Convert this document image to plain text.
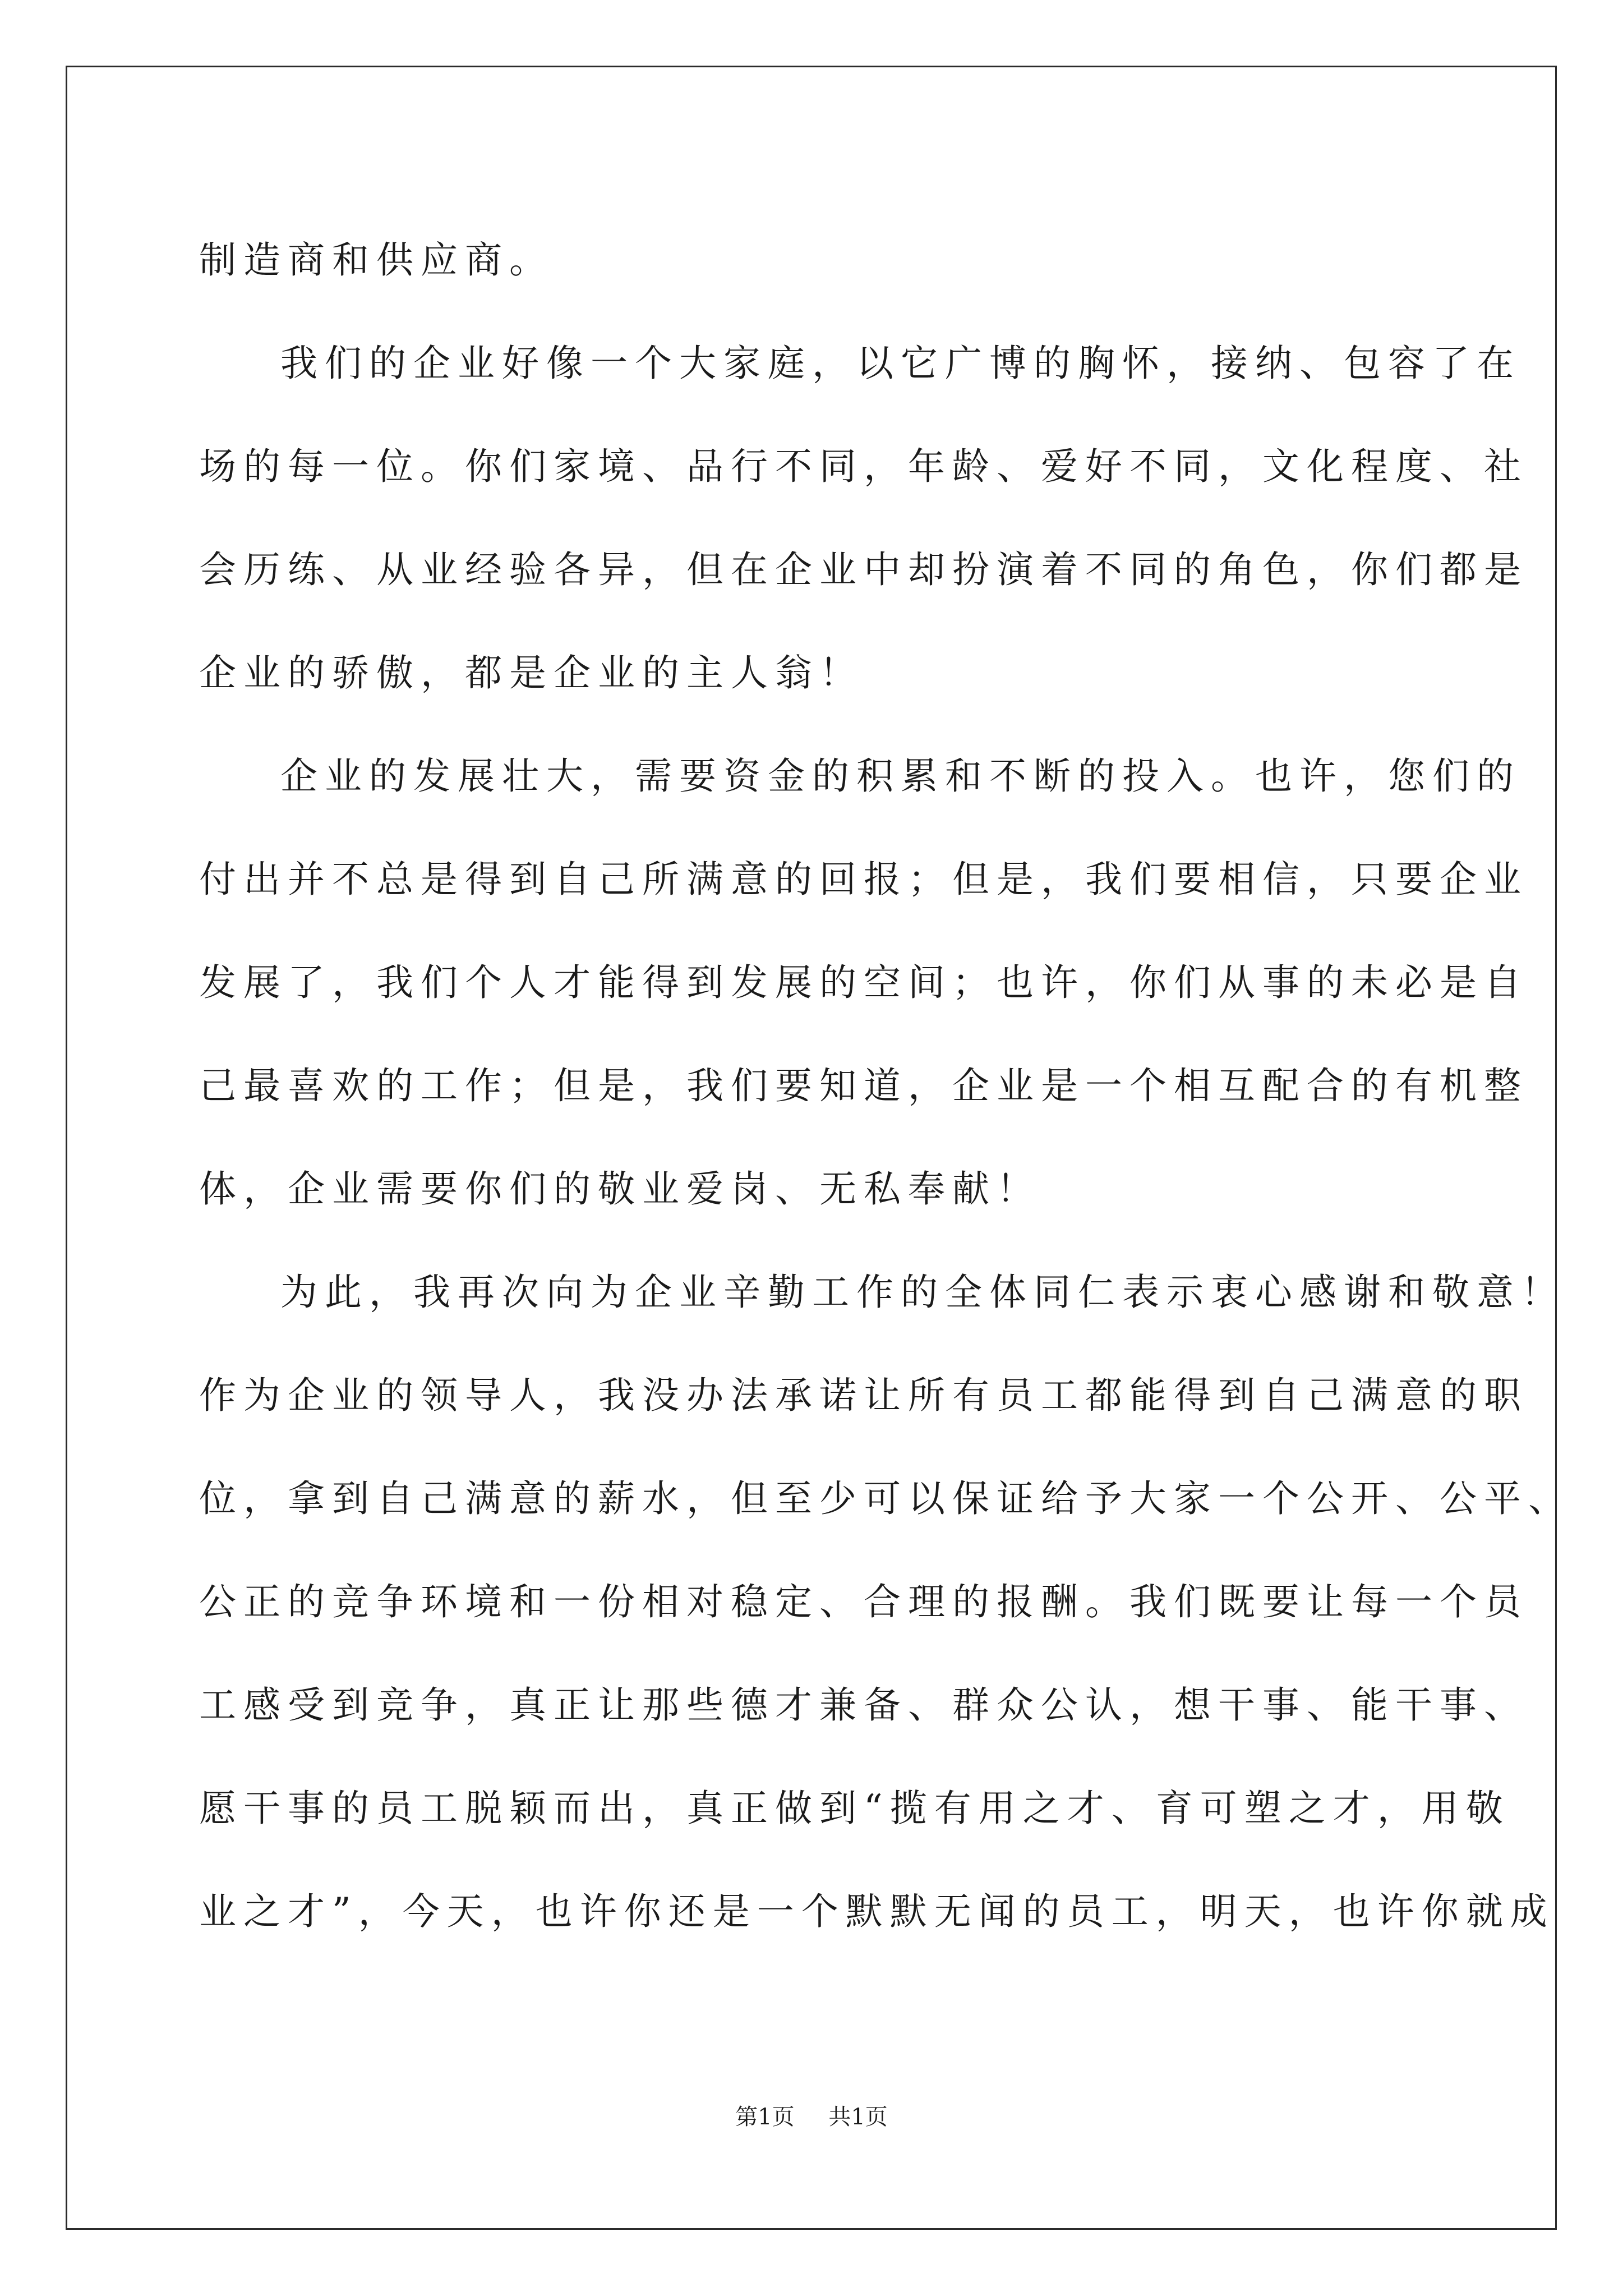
制造商和供应商。
我们的企业好像一个大家庭，以它广博的胸怀，接纳、包容了在
场的每一位。你们家境、品行不同，年龄、爱好不同，文化程度、社
会历练、从业经验各异，但在企业中却扮演着不同的角色，你们都是
企业的骄傲，都是企业的主人翁！
企业的发展壮大，需要资金的积累和不断的投入。也许，您们的
付出并不总是得到自己所满意的回报；但是，我们要相信，只要企业
发展了，我们个人才能得到发展的空间；也许，你们从事的未必是自
己最喜欢的工作；但是，我们要知道，企业是一个相互配合的有机整
体，企业需要你们的敬业爱岗、无私奉献！
为此，我再次向为企业辛勤工作的全体同仁表示衷心感谢和敬意！
作为企业的领导人，我没办法承诺让所有员工都能得到自己满意的职
位，拿到自己满意的薪水，但至少可以保证给予大家一个公开、公平、
公正的竞争环境和一份相对稳定、合理的报酬。我们既要让每一个员
工感受到竞争，真正让那些德才兼备、群众公认，想干事、能干事、
愿干事的员工脱颖而出，真正做到“揽有用之才、育可塑之才，用敬
业之才”，今天，也许你还是一个默默无闻的员工，明天，也许你就成
第1页 共1页
